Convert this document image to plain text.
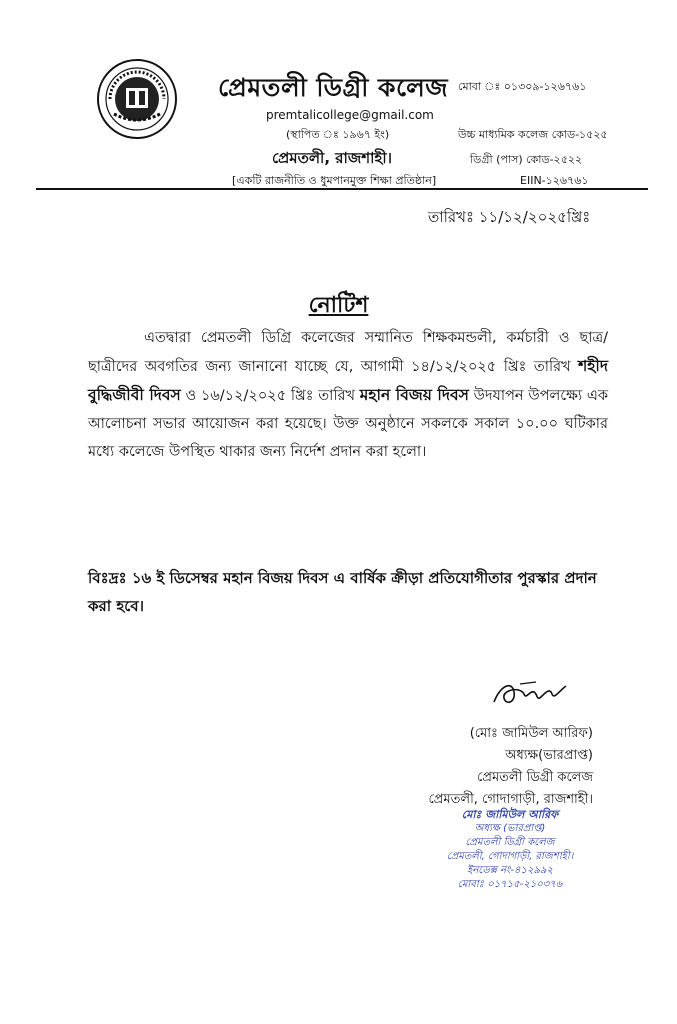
প্রেমতলী ডিগ্রী কলেজ মোবা ঃ ০১৩০৯-১২৬৭৬১
premtalicollege@gmail.com
(স্থাপিত ঃ ১৯৬৭ ইং)	উচ্চ মাধ্যমিক কলেজ কোড-১৫২৫
প্রেমতলী, রাজশাহী।	ডিগ্রী (পাস) কোড-২৫২২
[একটি রাজনীতি ও ধুমপানমুক্ত শিক্ষা প্রতিষ্ঠান]	EIIN-১২৬৭৬১
তারিখঃ ১১/১২/২০২৫খ্রিঃ
নোটিশ
এতদ্বারা প্রেমতলী ডিগ্রি কলেজের সম্মানিত শিক্ষকমন্ডলী, কর্মচারী ও ছাত্র/ছাত্রীদের অবগতির জন্য জানানো যাচ্ছে যে, আগামী ১৪/১২/২০২৫ খ্রিঃ তারিখ শহীদ বুদ্ধিজীবী দিবস ও ১৬/১২/২০২৫ খ্রিঃ তারিখ মহান বিজয় দিবস উদযাপন উপলক্ষ্যে এক আলোচনা সভার আয়োজন করা হয়েছে। উক্ত অনুষ্ঠানে সকলকে সকাল ১০.০০ ঘটিকার মধ্যে কলেজে উপস্থিত থাকার জন্য নির্দেশ প্রদান করা হলো।
বিঃদ্রঃ ১৬ ই ডিসেম্বর মহান বিজয় দিবস এ বার্ষিক ক্রীড়া প্রতিযোগীতার পুরস্কার প্রদান করা হবে।
(মোঃ জামিউল আরিফ)
অধ্যক্ষ(ভারপ্রাপ্ত)
প্রেমতলী ডিগ্রী কলেজ
প্রেমতলী, গোদাগাড়ী, রাজশাহী।
মোঃ জামিউল আরিফ
অধ্যক্ষ (ভারপ্রাপ্ত)
প্রেমতলী ডিগ্রী কলেজ
প্রেমতলী, গোদাগাড়ী, রাজশাহী।
ইনডেক্স নং-৪১২৯৯২
মোবাঃ ০১৭১৫-২১০৩৭৬
